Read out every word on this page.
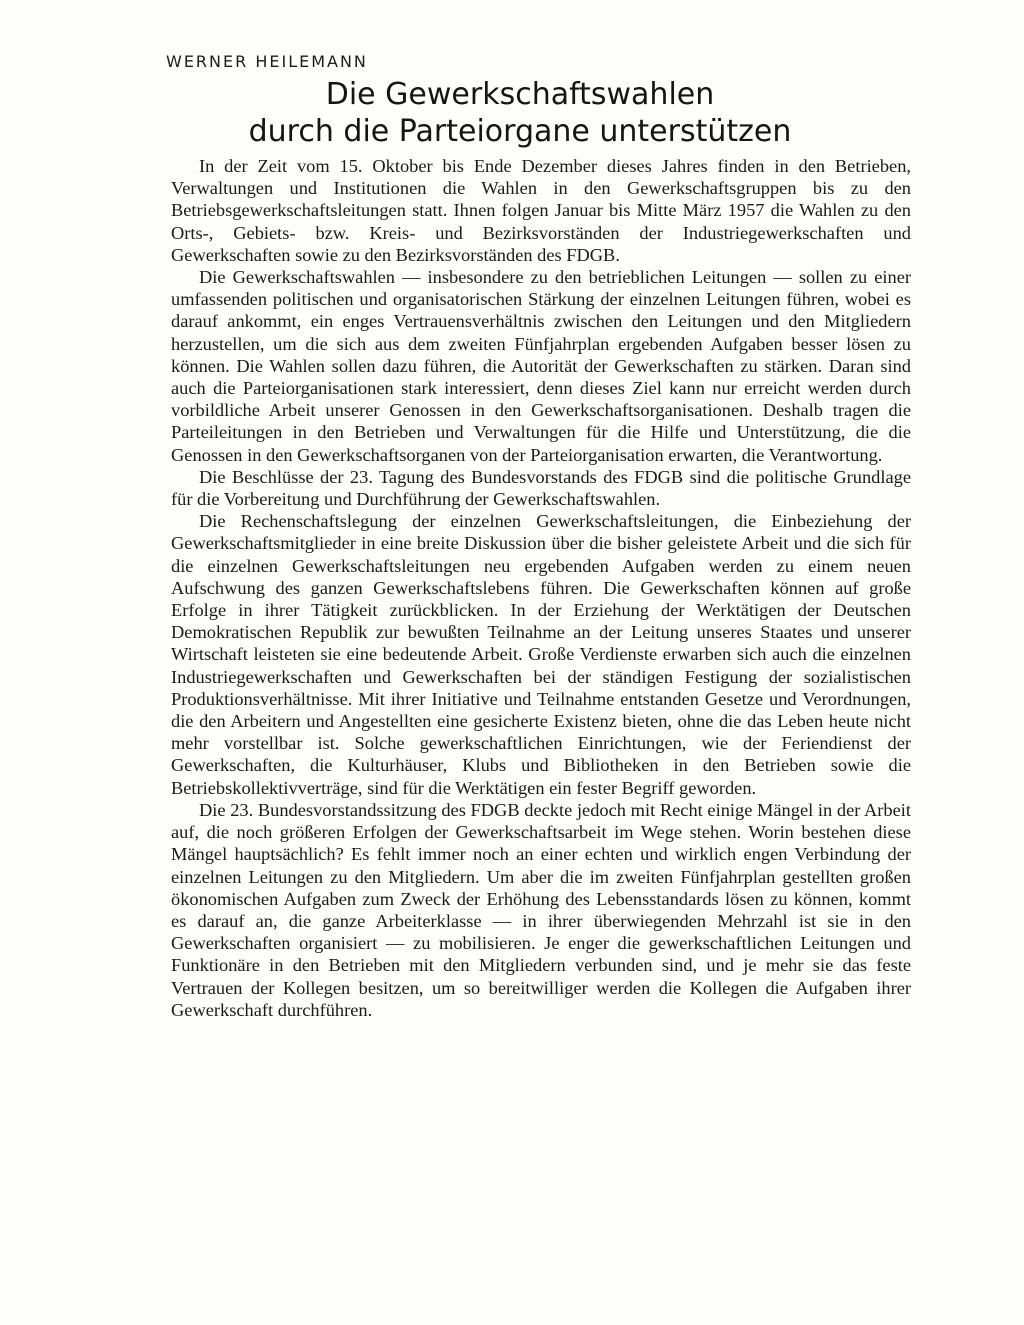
WERNER HEILEMANN
Die Gewerkschaftswahlen
durch die Parteiorgane unterstützen

In der Zeit vom 15. Oktober bis Ende Dezember dieses Jahres finden in den Betrieben, Verwaltungen und Institutionen die Wahlen in den Gewerkschaftsgruppen bis zu den Betriebsgewerkschaftsleitungen statt. Ihnen folgen Januar bis Mitte März 1957 die Wahlen zu den Orts-, Gebiets- bzw. Kreis- und Bezirksvorständen der Industriegewerkschaften und Gewerkschaften sowie zu den Bezirksvorständen des FDGB.

Die Gewerkschaftswahlen — insbesondere zu den betrieblichen Leitungen — sollen zu einer umfassenden politischen und organisatorischen Stärkung der einzelnen Leitungen führen, wobei es darauf ankommt, ein enges Vertrauensverhältnis zwischen den Leitungen und den Mitgliedern herzustellen, um die sich aus dem zweiten Fünfjahrplan ergebenden Aufgaben besser lösen zu können. Die Wahlen sollen dazu führen, die Autorität der Gewerkschaften zu stärken. Daran sind auch die Parteiorganisationen stark interessiert, denn dieses Ziel kann nur erreicht werden durch vorbildliche Arbeit unserer Genossen in den Gewerkschaftsorganisationen. Deshalb tragen die Parteileitungen in den Betrieben und Verwaltungen für die Hilfe und Unterstützung, die die Genossen in den Gewerkschaftsorganen von der Parteiorganisation erwarten, die Verantwortung.

Die Beschlüsse der 23. Tagung des Bundesvorstands des FDGB sind die politische Grundlage für die Vorbereitung und Durchführung der Gewerkschaftswahlen.

Die Rechenschaftslegung der einzelnen Gewerkschaftsleitungen, die Einbeziehung der Gewerkschaftsmitglieder in eine breite Diskussion über die bisher geleistete Arbeit und die sich für die einzelnen Gewerkschaftsleitungen neu ergebenden Aufgaben werden zu einem neuen Aufschwung des ganzen Gewerkschaftslebens führen. Die Gewerkschaften können auf große Erfolge in ihrer Tätigkeit zurückblicken. In der Erziehung der Werktätigen der Deutschen Demokratischen Republik zur bewußten Teilnahme an der Leitung unseres Staates und unserer Wirtschaft leisteten sie eine bedeutende Arbeit. Große Verdienste erwarben sich auch die einzelnen Industriegewerkschaften und Gewerkschaften bei der ständigen Festigung der sozialistischen Produktionsverhältnisse. Mit ihrer Initiative und Teilnahme entstanden Gesetze und Verordnungen, die den Arbeitern und Angestellten eine gesicherte Existenz bieten, ohne die das Leben heute nicht mehr vorstellbar ist. Solche gewerkschaftlichen Einrichtungen, wie der Feriendienst der Gewerkschaften, die Kulturhäuser, Klubs und Bibliotheken in den Betrieben sowie die Betriebskollektivverträge, sind für die Werktätigen ein fester Begriff geworden.

Die 23. Bundesvorstandssitzung des FDGB deckte jedoch mit Recht einige Mängel in der Arbeit auf, die noch größeren Erfolgen der Gewerkschaftsarbeit im Wege stehen. Worin bestehen diese Mängel hauptsächlich? Es fehlt immer noch an einer echten und wirklich engen Verbindung der einzelnen Leitungen zu den Mitgliedern. Um aber die im zweiten Fünfjahrplan gestellten großen ökonomischen Aufgaben zum Zweck der Erhöhung des Lebensstandards lösen zu können, kommt es darauf an, die ganze Arbeiterklasse — in ihrer überwiegenden Mehrzahl ist sie in den Gewerkschaften organisiert — zu mobilisieren. Je enger die gewerkschaftlichen Leitungen und Funktionäre in den Betrieben mit den Mitgliedern verbunden sind, und je mehr sie das feste Vertrauen der Kollegen besitzen, um so bereitwilliger werden die Kollegen die Aufgaben ihrer Gewerkschaft durchführen.
